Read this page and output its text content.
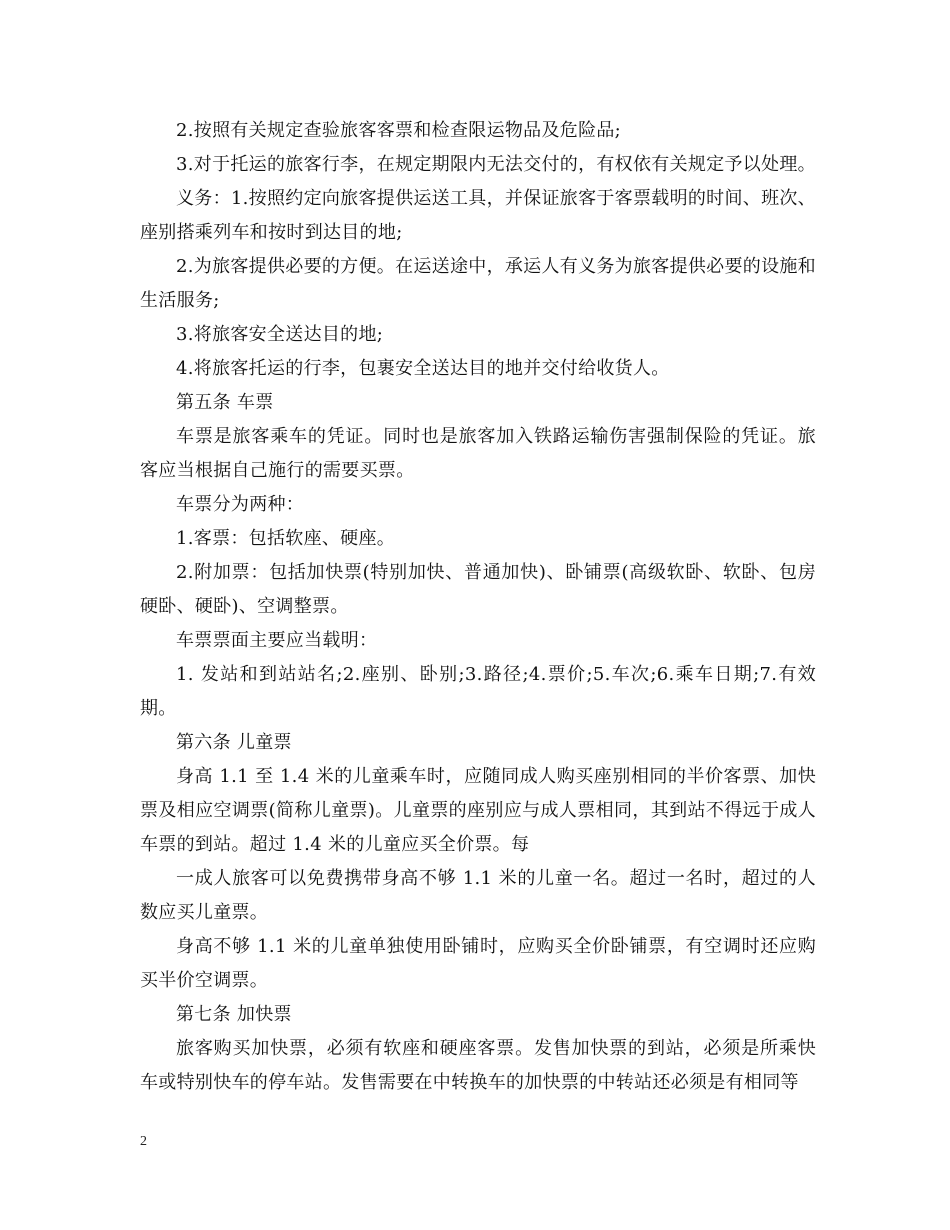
2.按照有关规定查验旅客客票和检查限运物品及危险品;

3.对于托运的旅客行李，在规定期限内无法交付的，有权依有关规定予以处理。

义务：1.按照约定向旅客提供运送工具，并保证旅客于客票载明的时间、班次、座别搭乘列车和按时到达目的地;

2.为旅客提供必要的方便。在运送途中，承运人有义务为旅客提供必要的设施和生活服务;

3.将旅客安全送达目的地;

4.将旅客托运的行李，包裹安全送达目的地并交付给收货人。

第五条 车票

车票是旅客乘车的凭证。同时也是旅客加入铁路运输伤害强制保险的凭证。旅客应当根据自己施行的需要买票。

车票分为两种：

1.客票：包括软座、硬座。

2.附加票：包括加快票(特别加快、普通加快)、卧铺票(高级软卧、软卧、包房硬卧、硬卧)、空调整票。

车票票面主要应当载明：

1. 发站和到站站名;2.座别、卧别;3.路径;4.票价;5.车次;6.乘车日期;7.有效期。

第六条 儿童票

身高 1.1 至 1.4 米的儿童乘车时，应随同成人购买座别相同的半价客票、加快票及相应空调票(简称儿童票)。儿童票的座别应与成人票相同，其到站不得远于成人车票的到站。超过 1.4 米的儿童应买全价票。每

一成人旅客可以免费携带身高不够 1.1 米的儿童一名。超过一名时，超过的人数应买儿童票。

身高不够 1.1 米的儿童单独使用卧铺时，应购买全价卧铺票，有空调时还应购买半价空调票。

第七条 加快票

旅客购买加快票，必须有软座和硬座客票。发售加快票的到站，必须是所乘快车或特别快车的停车站。发售需要在中转换车的加快票的中转站还必须是有相同等

2
